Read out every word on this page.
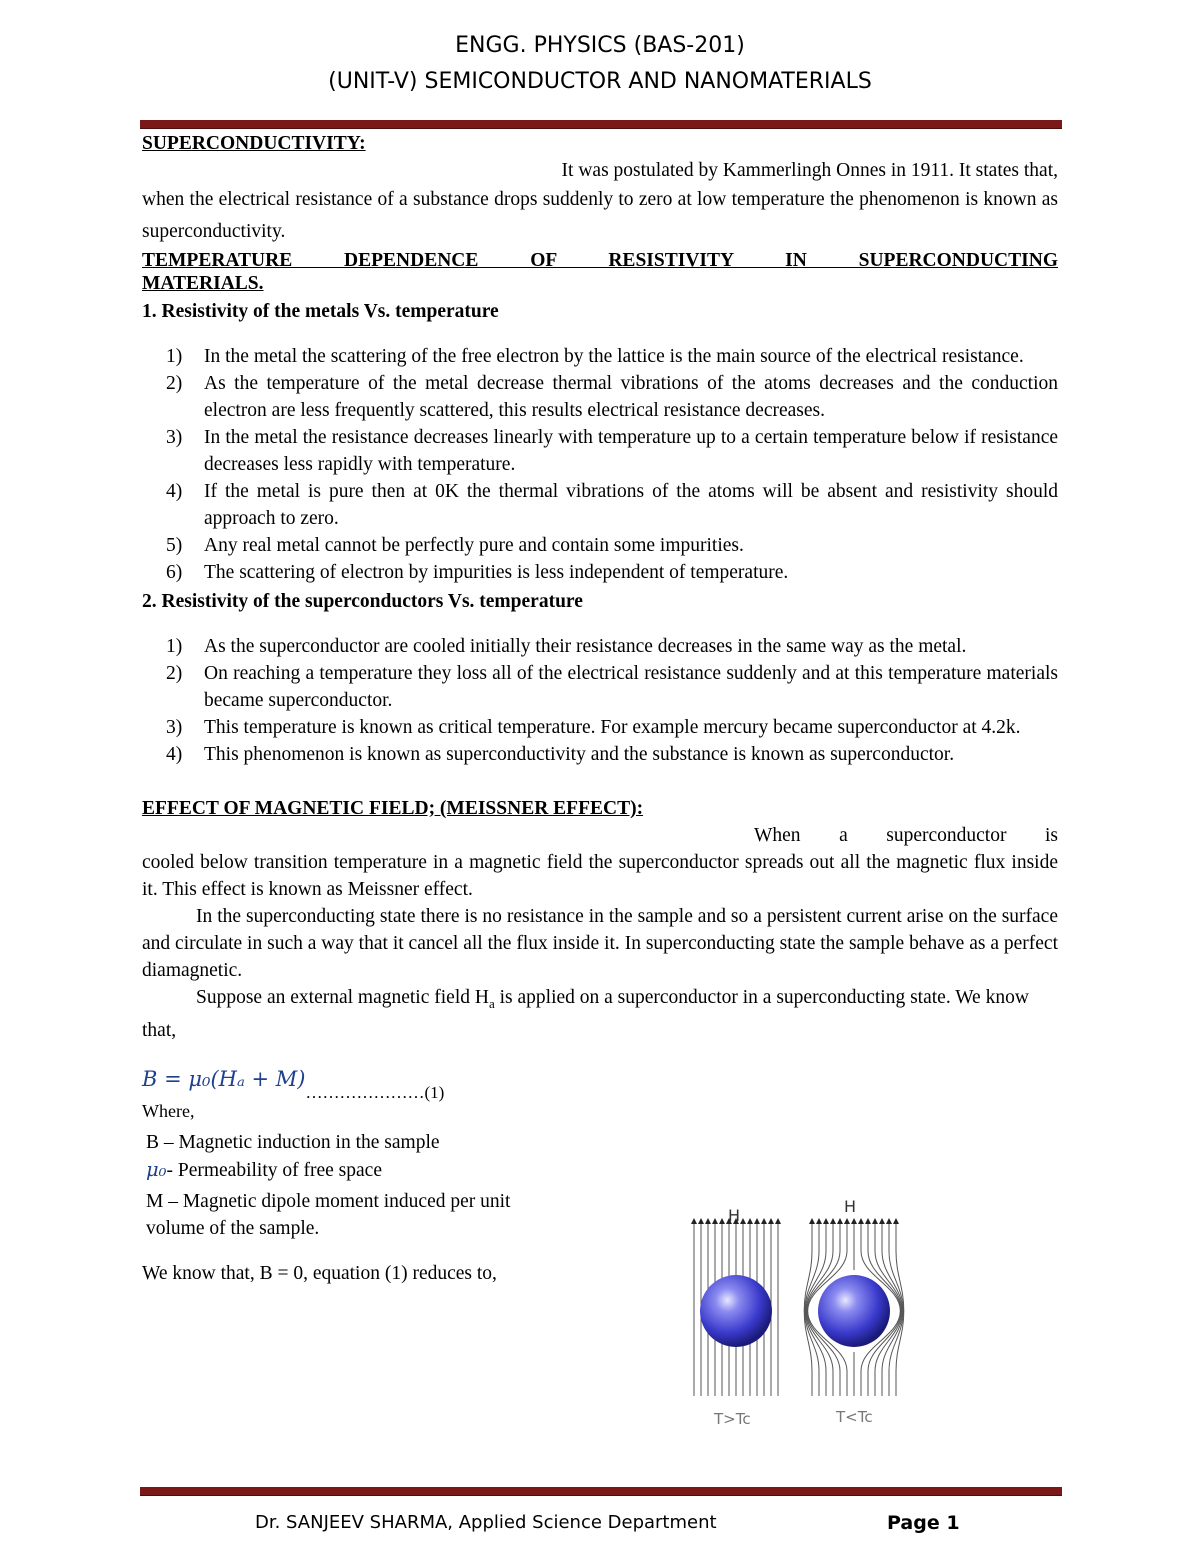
ENGG. PHYSICS (BAS-201)
(UNIT-V) SEMICONDUCTOR AND NANOMATERIALS
SUPERCONDUCTIVITY:

It was postulated by Kammerlingh Onnes in 1911. It states that,

when the electrical resistance of a substance drops suddenly to zero at low temperature the phenomenon is known as superconductivity.

TEMPERATURE DEPENDENCE OF RESISTIVITY IN SUPERCONDUCTING
MATERIALS.
1. Resistivity of the metals Vs. temperature
1) In the metal the scattering of the free electron by the lattice is the main source of the electrical resistance.
2) As the temperature of the metal decrease thermal vibrations of the atoms decreases and the conduction electron are less frequently scattered, this results electrical resistance decreases.
3) In the metal the resistance decreases linearly with temperature up to a certain temperature below if resistance decreases less rapidly with temperature.
4) If the metal is pure then at 0K the thermal vibrations of the atoms will be absent and resistivity should approach to zero.
5) Any real metal cannot be perfectly pure and contain some impurities.
6) The scattering of electron by impurities is less independent of temperature.
2. Resistivity of the superconductors Vs. temperature
1) As the superconductor are cooled initially their resistance decreases in the same way as the metal.
2) On reaching a temperature they loss all of the electrical resistance suddenly and at this temperature materials became superconductor.
3) This temperature is known as critical temperature. For example mercury became superconductor at 4.2k.
4) This phenomenon is known as superconductivity and the substance is known as superconductor.
EFFECT OF MAGNETIC FIELD; (MEISSNER EFFECT):

When a superconductor is

cooled below transition temperature in a magnetic field the superconductor spreads out all the magnetic flux inside it. This effect is known as Meissner effect.

In the superconducting state there is no resistance in the sample and so a persistent current arise on the surface and circulate in such a way that it cancel all the flux inside it. In superconducting state the sample behave as a perfect diamagnetic.

Suppose an external magnetic field $H_a$ is applied on a superconductor in a superconducting state. We know that,

B = μ₀(Hₐ + M)…………………(1)

Where,

B – Magnetic induction in the sample

μ₀- Permeability of free space

M – Magnetic dipole moment induced per unit volume of the sample.

We know that, B = 0, equation (1) reduces to,

H	H
T>Tc	T<Tc
Dr. SANJEEV SHARMA, Applied Science Department	Page 1
